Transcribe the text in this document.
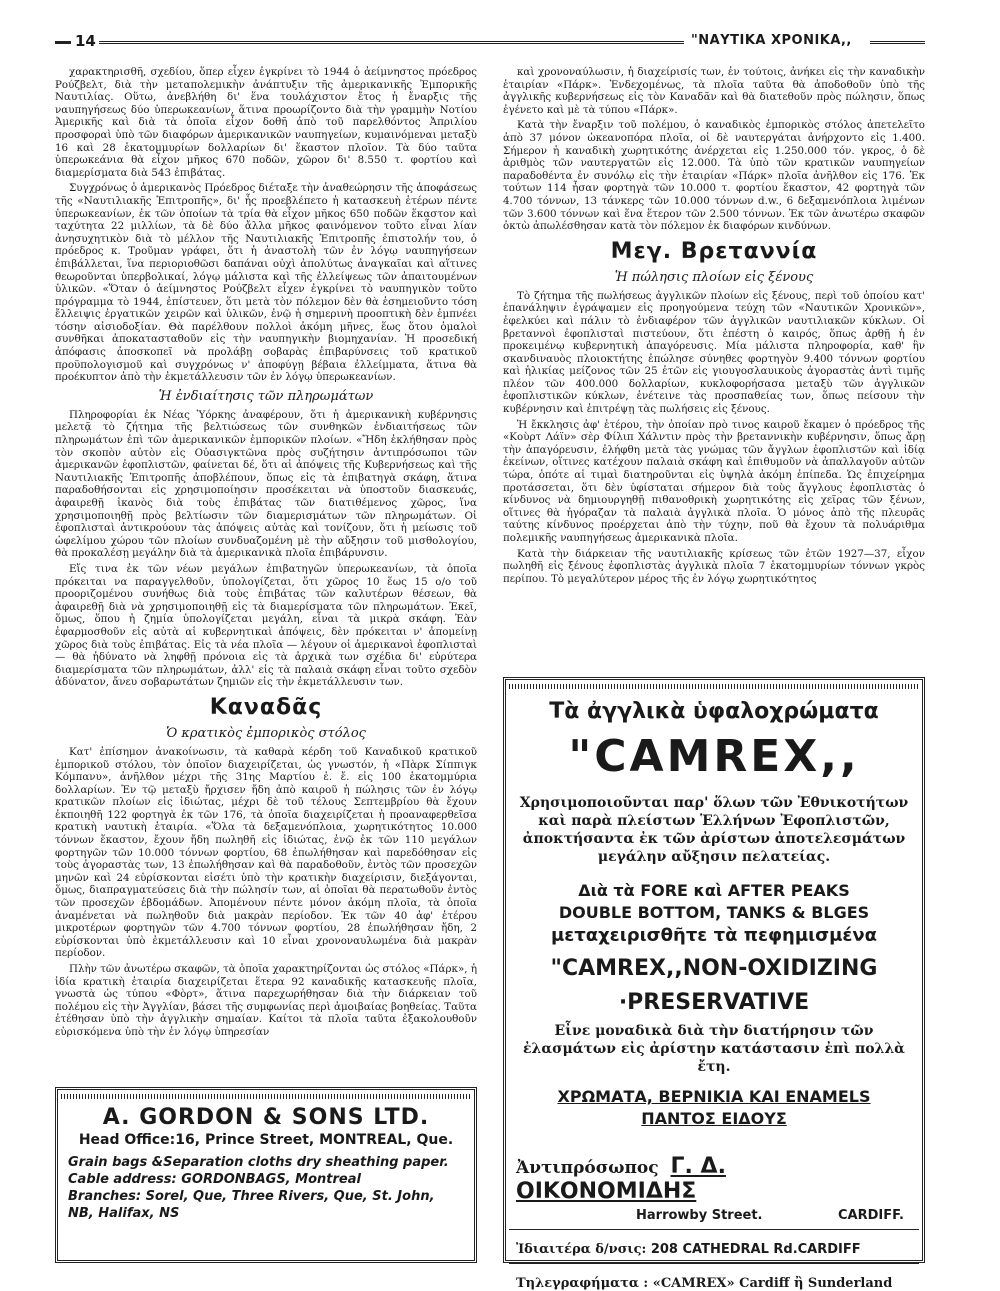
14	"ΝΑΥΤΙΚΑ ΧΡΟΝΙΚΑ,,

χαρακτηρισθῆ, σχεδίου, ὅπερ εἶχεν ἐγκρίνει τὸ 1944 ὁ ἀείμνηστος πρόεδρος Ρούζβελτ, διὰ τὴν μεταπολεμικὴν ἀνάπτυξιν τῆς ἀμερικανικῆς Ἐμπορικῆς Ναυτιλίας. Οὕτω, ἀνεβλήθη δι' ἕνα τουλάχιστον ἔτος ἡ ἔναρξις τῆς ναυπηγήσεως δύο ὑπερωκεανίων, ἅτινα προωρίζοντο διὰ τὴν γραμμὴν Νοτίου Ἀμερικῆς καὶ διὰ τὰ ὁποῖα εἶχον δοθῆ ἀπὸ τοῦ παρελθόντος Ἀπριλίου προσφοραὶ ὑπὸ τῶν διαφόρων ἀμερικανικῶν ναυπηγείων, κυμαινόμεναι μεταξὺ 16 καὶ 28 ἑκατομμυρίων δολλαρίων δι' ἕκαστον πλοῖον. Τὰ δύο ταῦτα ὑπερωκεάνια θὰ εἶχον μῆκος 670 ποδῶν, χῶρον δι' 8.550 τ. φορτίου καὶ διαμερίσματα διὰ 543 ἐπιβάτας.

Συγχρόνως ὁ ἀμερικανὸς Πρόεδρος διέταξε τὴν ἀναθεώρησιν τῆς ἀποφάσεως τῆς «Ναυτιλιακῆς Ἐπιτροπῆς», δι' ἧς προεβλέπετο ἡ κατασκευὴ ἑτέρων πέντε ὑπερωκεανίων, ἐκ τῶν ὁποίων τὰ τρία θὰ εἶχον μῆκος 650 ποδῶν ἕκαστον καὶ ταχύτητα 22 μιλλίων, τὰ δὲ δύο ἄλλα μῆκος φαινόμενον τοῦτο εἶναι λίαν ἀνησυχητικὸν διὰ τὸ μέλλον τῆς Ναυτιλιακῆς Ἐπιτροπῆς ἐπιστολήν του, ὁ πρόεδρος κ. Τροῦμαν γράφει, ὅτι ἡ ἀναστολὴ τῶν ἐν λόγῳ ναυπηγήσεων ἐπιβάλλεται, ἵνα περιοριοθῶσι δαπάναι οὐχὶ ἀπολύτως ἀναγκαῖαι καὶ αἵτινες θεωροῦνται ὑπερβολικαί, λόγῳ μάλιστα καὶ τῆς ἐλλείψεως τῶν ἀπαιτουμένων ὑλικῶν. «Ὅταν ὁ ἀείμνηστος Ρούζβελτ εἶχεν ἐγκρίνει τὸ ναυπηγικὸν τοῦτο πρόγραμμα τὸ 1944, ἐπίστευεν, ὅτι μετὰ τὸν πόλεμον δὲν θὰ ἐσημειοῦντο τόση ἔλλειψις ἐργατικῶν χειρῶν καὶ ὑλικῶν, ἐνῷ ἡ σημερινὴ προοπτικὴ δὲν ἐμπνέει τόσην αἰσιοδοξίαν. Θὰ παρέλθουν πολλοὶ ἀκόμη μῆνες, ἕως ὅτου ὁμαλοὶ συνθῆκαι ἀποκατασταθοῦν εἰς τὴν ναυπηγικὴν βιομηχανίαν. Ἡ προσεδική ἀπόφασις ἀποσκοπεῖ νὰ προλάβῃ σοβαρὰς ἐπιβαρύνσεις τοῦ κρατικοῦ προϋπολογισμοῦ καὶ συγχρόνως ν' ἀποφύγῃ βέβαια ἐλλείμματα, ἅτινα θὰ προέκυπτον ἀπὸ τὴν ἐκμετάλλευσιν τῶν ἐν λόγῳ ὑπερωκεανίων.

Ἡ ἐνδιαίτησις τῶν πληρωμάτων

Πληροφορίαι ἐκ Νέας Ὑόρκης ἀναφέρουν, ὅτι ἡ ἀμερικανικὴ κυβέρνησις μελετᾷ τὸ ζήτημα τῆς βελτιώσεως τῶν συνθηκῶν ἐνδιαιτήσεως τῶν πληρωμάτων ἐπὶ τῶν ἀμερικανικῶν ἐμπορικῶν πλοίων. «Ἤδη ἐκλήθησαν πρὸς τὸν σκοπὸν αὐτὸν εἰς Οὐασιγκτῶνα πρὸς συζήτησιν ἀντιπρόσωποι τῶν ἀμερικανῶν ἐφοπλιστῶν, φαίνεται δέ, ὅτι αἱ ἀπόψεις τῆς Κυβερνήσεως καὶ τῆς Ναυτιλιακῆς Ἐπιτροπῆς ἀποβλέπουν, ὅπως εἰς τὰ ἐπιβατηγὰ σκάφη, ἅτινα παραδοθήσονται εἰς χρησιμοποίησιν προσέκειται νὰ ὑποστοῦν διασκευάς, ἀφαιρεθῇ ἱκανὸς διὰ τοὺς ἐπιβάτας τῶν διατιθέμενος χῶρος, ἵνα χρησιμοποιηθῇ πρὸς βελτίωσιν τῶν διαμερισμάτων τῶν πληρωμάτων. Οἱ ἐφοπλισταὶ ἀντικρούουν τὰς ἀπόψεις αὐτὰς καὶ τονίζουν, ὅτι ἡ μείωσις τοῦ ὠφελίμου χώρου τῶν πλοίων συνδυαζομένη μὲ τὴν αὔξησιν τοῦ μισθολογίου, θὰ προκαλέσῃ μεγάλην διὰ τὰ ἀμερικανικὰ πλοῖα ἐπιβάρυνσιν.

Εἴς τινα ἐκ τῶν νέων μεγάλων ἐπιβατηγῶν ὑπερωκεανίων, τὰ ὁποῖα πρόκειται να παραγγελθοῦν, ὑπολογίζεται, ὅτι χῶρος 10 ἕως 15 ο/ο τοῦ προοριζομένου συνήθως διὰ τοὺς ἐπιβάτας τῶν καλυτέρων θέσεων, θὰ ἀφαιρεθῇ διὰ νὰ χρησιμοποιηθῇ εἰς τὰ διαμερίσματα τῶν πληρωμάτων. Ἐκεῖ, ὅμως, ὅπου ἡ ζημία ὑπολογίζεται μεγάλη, εἶναι τὰ μικρὰ σκάφη. Ἐὰν ἐφαρμοσθοῦν εἰς αὐτὰ αἱ κυβερνητικαὶ ἀπόψεις, δὲν πρόκειται ν' ἀπομείνῃ χῶρος διὰ τοὺς ἐπιβάτας. Εἰς τὰ νέα πλοῖα — λέγουν οἱ ἀμερικανοὶ ἐφοπλισταὶ — θὰ ἠδύνατο νὰ ληφθῇ πρόνοια εἰς τὰ ἀρχικὰ των σχέδια δι' εὐρύτερα διαμερίσματα τῶν πληρωμάτων, ἀλλ' εἰς τὰ παλαιὰ σκάφη εἶναι τοῦτο σχεδὸν ἀδύνατον, ἄνευ σοβαρωτάτων ζημιῶν εἰς τὴν ἐκμετάλλευσιν των.

Καναδᾶς
Ὁ κρατικὸς ἐμπορικὸς στόλος

Κατ' ἐπίσημον ἀνακοίνωσιν, τὰ καθαρὰ κέρδη τοῦ Καναδικοῦ κρατικοῦ ἐμπορικοῦ στόλου, τὸν ὁποῖον διαχειρίζεται, ὡς γνωστόν, ἡ «Πὰρκ Σίππιγκ Κόμπανυ», ἀνῆλθον μέχρι τῆς 31ης Μαρτίου ἐ. ἔ. εἰς 100 ἑκατομμύρια δολλαρίων. Ἐν τῷ μεταξὺ ἤρχισεν ἤδη ἀπὸ καιροῦ ἡ πώλησις τῶν ἐν λόγῳ κρατικῶν πλοίων εἰς ἰδιώτας, μέχρι δὲ τοῦ τέλους Σεπτεμβρίου θὰ ἔχουν ἐκποιηθῆ 122 φορτηγὰ ἐκ τῶν 176, τὰ ὁποῖα διαχειρίζεται ἡ προαναφερθεῖσα κρατικὴ ναυτικὴ ἑταιρία. «Ὅλα τὰ δεξαμενόπλοια, χωρητικότητος 10.000 τόννων ἕκαστον, ἔχουν ἤδη πωληθῆ εἰς ἰδιώτας, ἐνῷ ἐκ τῶν 110 μεγάλων φορτηγῶν τῶν 10.000 τόννων φορτίου, 68 ἐπωλήθησαν καὶ παρεδόθησαν εἰς τοὺς ἀγοραστὰς των, 13 ἐπωλήθησαν καὶ θὰ παραδοθοῦν, ἐντὸς τῶν προσεχῶν μηνῶν καὶ 24 εὑρίσκονται εἰσέτι ὑπὸ τὴν κρατικὴν διαχείρισιν, διεξάγονται, ὅμως, διαπραγματεύσεις διὰ τὴν πώλησίν των, αἱ ὁποῖαι θὰ περατωθοῦν ἐντὸς τῶν προσεχῶν ἑβδομάδων. Ἀπομένουν πέντε μόνον ἀκόμη πλοῖα, τὰ ὁποῖα ἀναμένεται νὰ πωληθοῦν διὰ μακρὰν περίοδον. Ἐκ τῶν 40 ἀφ' ἑτέρου μικροτέρων φορτηγῶν τῶν 4.700 τόννων φορτίου, 28 ἐπωλήθησαν ἤδη, 2 εὑρίσκονται ὑπὸ ἐκμετάλλευσιν καὶ 10 εἶναι χρονοναυλωμένα διὰ μακρὰν περίοδον.

Πλὴν τῶν ἀνωτέρω σκαφῶν, τὰ ὁποῖα χαρακτηρίζονται ὡς στόλος «Πάρκ», ἡ ἰδία κρατικὴ ἑταιρία διαχειρίζεται ἕτερα 92 καναδικῆς κατασκευῆς πλοῖα, γνωστὰ ὡς τύπου «Φὸρτ», ἅτινα παρεχωρήθησαν διὰ τὴν διάρκειαν τοῦ πολέμου εἰς τὴν Ἀγγλίαν, βάσει τῆς συμφωνίας περὶ ἀμοιβαίας βοηθείας. Ταῦτα ἐτέθησαν ὑπὸ τὴν ἀγγλικὴν σημαίαν. Καίτοι τὰ πλοῖα ταῦτα ἐξακολουθοῦν εὑρισκόμενα ὑπὸ τὴν ἐν λόγῳ ὑπηρεσίαν

καὶ χρονοναύλωσιν, ἡ διαχείρισίς των, ἐν τούτοις, ἀνήκει εἰς τὴν καναδικὴν ἑταιρίαν «Πάρκ». Ἐνδεχομένως, τὰ πλοῖα ταῦτα θὰ ἀποδοθοῦν ὑπὸ τῆς ἀγγλικῆς κυβερνήσεως εἰς τὸν Καναδᾶν καὶ θὰ διατεθοῦν πρὸς πώλησιν, ὅπως ἐγένετο καὶ μὲ τὰ τύπου «Πάρκ».

Κατὰ τὴν ἔναρξιν τοῦ πολέμου, ὁ καναδικὸς ἐμπορικὸς στόλος ἀπετελεῖτο ἀπὸ 37 μόνον ὠκεανοπόρα πλοῖα, οἱ δὲ ναυτεργάται ἀνήρχοντο εἰς 1.400. Σήμερον ἡ καναδικὴ χωρητικότης ἀνέρχεται εἰς 1.250.000 τόν. γκρος, ὁ δὲ ἀριθμὸς τῶν ναυτεργατῶν εἰς 12.000. Τὰ ὑπὸ τῶν κρατικῶν ναυπηγείων παραδοθέντα ἐν συνόλῳ εἰς τὴν ἑταιρίαν «Πάρκ» πλοῖα ἀνῆλθον εἰς 176. Ἐκ τούτων 114 ἦσαν φορτηγὰ τῶν 10.000 τ. φορτίου ἕκαστον, 42 φορτηγὰ τῶν 4.700 τόννων, 13 τάνκερς τῶν 10.000 τόννων d.w., 6 δεξαμενόπλοια λιμένων τῶν 3.600 τόννων καὶ ἕνα ἕτερον τῶν 2.500 τόννων. Ἐκ τῶν ἀνωτέρω σκαφῶν ὀκτὼ ἀπωλέσθησαν κατὰ τὸν πόλεμον ἐκ διαφόρων κινδύνων.

Μεγ. Βρεταννία
Ἡ πώλησις πλοίων εἰς ξένους

Τὸ ζήτημα τῆς πωλήσεως ἀγγλικῶν πλοίων εἰς ξένους, περὶ τοῦ ὁποίου κατ' ἐπανάληψιν ἐγράψαμεν εἰς προηγούμενα τεύχη τῶν «Ναυτικῶν Χρονικῶν», ἐφελκύει καὶ πάλιν τὸ ἐνδιαφέρον τῶν ἀγγλικῶν ναυτιλιακῶν κύκλων. Οἱ βρεταννοὶ ἐφοπλισταὶ πιστεύουν, ὅτι ἐπέστη ὁ καιρός, ὅπως ἀρθῇ ἡ ἐν προκειμένῳ κυβερνητικὴ ἀπαγόρευσις. Μία μάλιστα πληροφορία, καθ' ἣν σκανδιναυὸς πλοιοκτήτης ἐπώλησε σύνηθες φορτηγὸν 9.400 τόννων φορτίου καὶ ἡλικίας μείζονος τῶν 25 ἐτῶν εἰς γιουγοσλαυικοὺς ἀγοραστὰς ἀντὶ τιμῆς πλέον τῶν 400.000 δολλαρίων, κυκλοφορήσασα μεταξὺ τῶν ἀγγλικῶν ἐφοπλιστικῶν κύκλων, ἐνέτεινε τὰς προσπαθείας των, ὅπως πείσουν τὴν κυβέρνησιν καὶ ἐπιτρέψῃ τὰς πωλήσεις εἰς ξένους.

Ἡ ἔκκλησις ἀφ' ἑτέρου, τὴν ὁποίαν πρὸ τινος καιροῦ ἔκαμεν ὁ πρόεδρος τῆς «Κοὺρτ Λάϊν» σὲρ Φίλιπ Χάλντιν πρὸς τὴν βρεταννικὴν κυβέρνησιν, ὅπως ἄρῃ τὴν ἀπαγόρευσιν, ἐλήφθη μετὰ τὰς γνώμας τῶν ἄγγλων ἐφοπλιστῶν καὶ ἰδίᾳ ἐκείνων, οἵτινες κατέχουν παλαιὰ σκάφη καὶ ἐπιθυμοῦν νὰ ἀπαλλαγοῦν αὐτῶν τώρα, ὁπότε αἱ τιμαὶ διατηροῦνται εἰς ὑψηλὰ ἀκόμη ἐπίπεδα. Ὡς ἐπιχείρημα προτάσσεται, ὅτι δὲν ὑφίσταται σήμερον διὰ τοὺς ἄγγλους ἐφοπλιστὰς ὁ κίνδυνος νὰ δημιουργηθῇ πιθανοθρικὴ χωρητικότης εἰς χεῖρας τῶν ξένων, οἵτινες θὰ ἠγόραζαν τὰ παλαιὰ ἀγγλικὰ πλοῖα. Ὁ μόνος ἀπὸ τῆς πλευρᾶς ταύτης κίνδυνος προέρχεται ἀπὸ τὴν τύχην, ποῦ θὰ ἔχουν τὰ πολυάριθμα πολεμικῆς ναυπηγήσεως ἀμερικανικὰ πλοῖα.

Κατὰ τὴν διάρκειαν τῆς ναυτιλιακῆς κρίσεως τῶν ἐτῶν 1927—37, εἶχον πωληθῆ εἰς ξένους ἐφοπλιστὰς ἀγγλικὰ πλοῖα 7 ἑκατομμυρίων τόννων γκρὸς περίπου. Τὸ μεγαλύτερον μέρος τῆς ἐν λόγῳ χωρητικότητος

A. GORDON & SONS LTD.
Head Office:16, Prince Street, MONTREAL, Que.
Grain bags &Separation cloths dry sheathing paper.
Cable address: GORDONBAGS, Montreal
Branches: Sorel, Que, Three Rivers, Que, St. John, NB, Halifax, NS
Τὰ ἀγγλικὰ ὑφαλοχρώματα
"CAMREX,,
Χρησιμοποιοῦνται παρ' ὅλων τῶν Ἐθνικοτήτων καὶ παρὰ πλείστων Ἑλλήνων Ἐφοπλιστῶν, ἀποκτήσαντα ἐκ τῶν ἀρίστων ἀποτελεσμάτων μεγάλην αὔξησιν πελατείας.
Διὰ τὰ FORE καὶ AFTER PEAKS
DOUBLE BOTTOM, TANKS & BLGES
μεταχειρισθῆτε τὰ πεφημισμένα
"CAMREX,,NON-OXIDIZING
·PRESERVATIVE
Εἶνε μοναδικὰ διὰ τὴν διατήρησιν τῶν ἐλασμάτων εἰς ἀρίστην κατάστασιν ἐπὶ πολλὰ ἔτη.
ΧΡΩΜΑΤΑ, ΒΕΡΝΙΚΙΑ ΚΑΙ ENAMELS
ΠΑΝΤΟΣ ΕΙΔΟΥΣ
Ἀντιπρόσωπος Γ. Δ. ΟΙΚΟΝΟΜΙΔΗΣ
Harrowby Street.	CARDIFF.
Ἰδιαιτέρα δ/νσις: 208 CATHEDRAL Rd.CARDIFF
Τηλεγραφήματα : «CAMREX» Cardiff ἢ Sunderland
